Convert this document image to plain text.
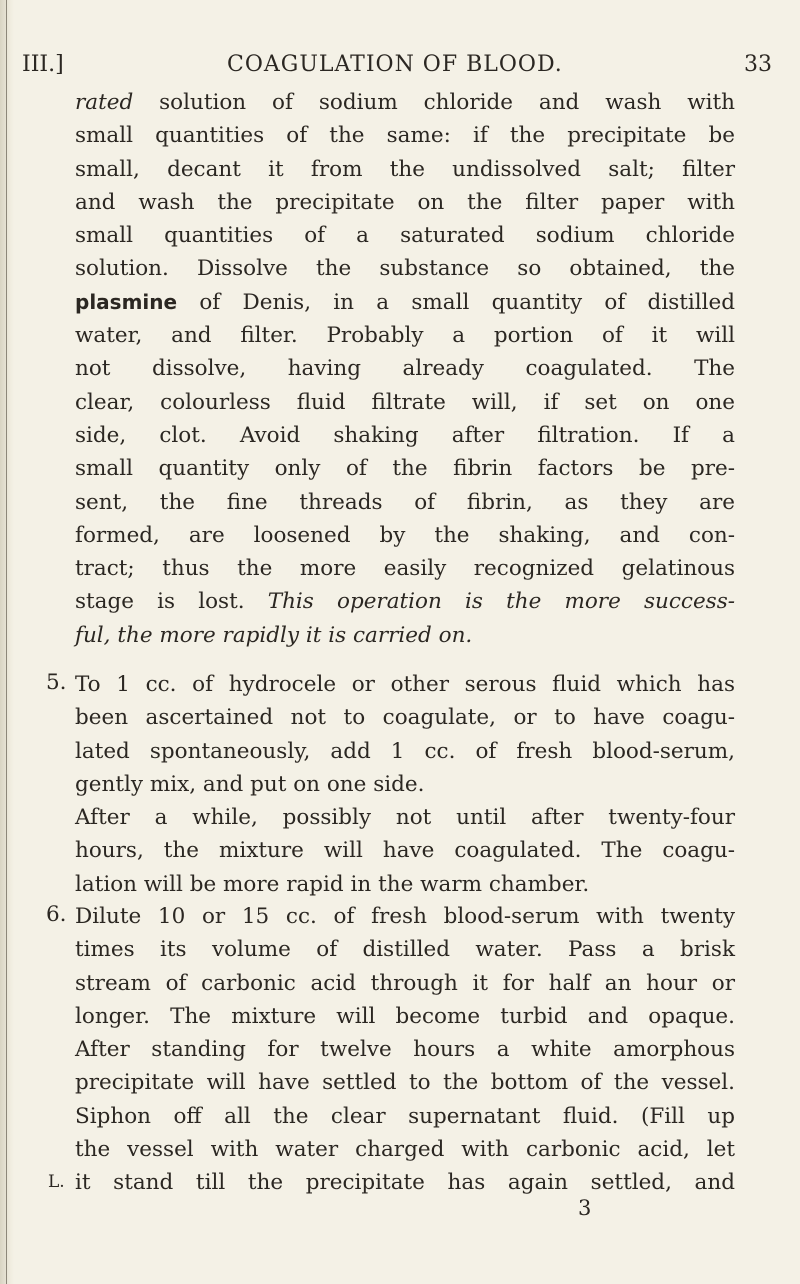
III.]	COAGULATION OF BLOOD.	33
rated solution of sodium chloride and wash with
small quantities of the same: if the precipitate be
small, decant it from the undissolved salt; filter
and wash the precipitate on the filter paper with
small quantities of a saturated sodium chloride
solution. Dissolve the substance so obtained, the
plasmine of Denis, in a small quantity of distilled
water, and filter. Probably a portion of it will
not dissolve, having already coagulated. The
clear, colourless fluid filtrate will, if set on one
side, clot. Avoid shaking after filtration. If a
small quantity only of the fibrin factors be pre-
sent, the fine threads of fibrin, as they are
formed, are loosened by the shaking, and con-
tract; thus the more easily recognized gelatinous
stage is lost. This operation is the more success-
ful, the more rapidly it is carried on.
5. To 1 cc. of hydrocele or other serous fluid which has
been ascertained not to coagulate, or to have coagu-
lated spontaneously, add 1 cc. of fresh blood-serum,
gently mix, and put on one side.
After a while, possibly not until after twenty-four
hours, the mixture will have coagulated. The coagu-
lation will be more rapid in the warm chamber.
6. Dilute 10 or 15 cc. of fresh blood-serum with twenty
times its volume of distilled water. Pass a brisk
stream of carbonic acid through it for half an hour or
longer. The mixture will become turbid and opaque.
After standing for twelve hours a white amorphous
precipitate will have settled to the bottom of the vessel.
Siphon off all the clear supernatant fluid. (Fill up
the vessel with water charged with carbonic acid, let
it stand till the precipitate has again settled, and
L.
3
